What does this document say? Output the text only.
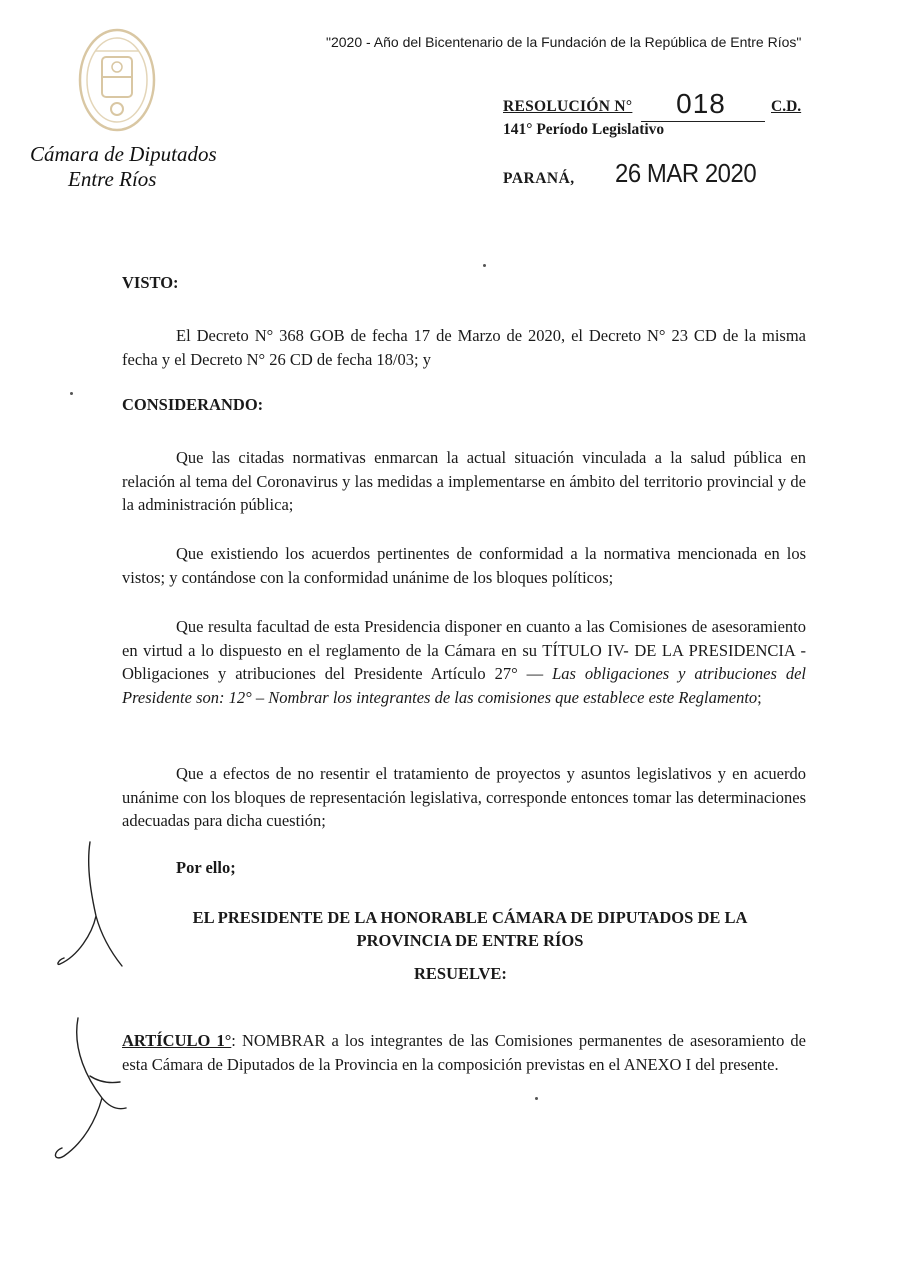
"2020 - Año del Bicentenario de la Fundación de la República de Entre Ríos"
Cámara de Diputados
Entre Ríos
RESOLUCIÓN N°	018	C.D.
141° Período Legislativo
PARANÁ, 26 MAR 2020
VISTO:
El Decreto N° 368 GOB de fecha 17 de Marzo de 2020, el Decreto N° 23 CD de la misma fecha y el Decreto N° 26 CD de fecha 18/03; y
CONSIDERANDO:
Que las citadas normativas enmarcan la actual situación vinculada a la salud pública en relación al tema del Coronavirus y las medidas a implementarse en ámbito del territorio provincial y de la administración pública;
Que existiendo los acuerdos pertinentes de conformidad a la normativa mencionada en los vistos; y contándose con la conformidad unánime de los bloques políticos;
Que resulta facultad de esta Presidencia disponer en cuanto a las Comisiones de asesoramiento en virtud a lo dispuesto en el reglamento de la Cámara en su TÍTULO IV- DE LA PRESIDENCIA - Obligaciones y atribuciones del Presidente Artículo 27° — Las obligaciones y atribuciones del Presidente son: 12° – Nombrar los integrantes de las comisiones que establece este Reglamento;
Que a efectos de no resentir el tratamiento de proyectos y asuntos legislativos y en acuerdo unánime con los bloques de representación legislativa, corresponde entonces tomar las determinaciones adecuadas para dicha cuestión;
Por ello;
EL PRESIDENTE DE LA HONORABLE CÁMARA DE DIPUTADOS DE LA
PROVINCIA DE ENTRE RÍOS
RESUELVE:
ARTÍCULO 1°: NOMBRAR a los integrantes de las Comisiones permanentes de asesoramiento de esta Cámara de Diputados de la Provincia en la composición previstas en el ANEXO I del presente.
